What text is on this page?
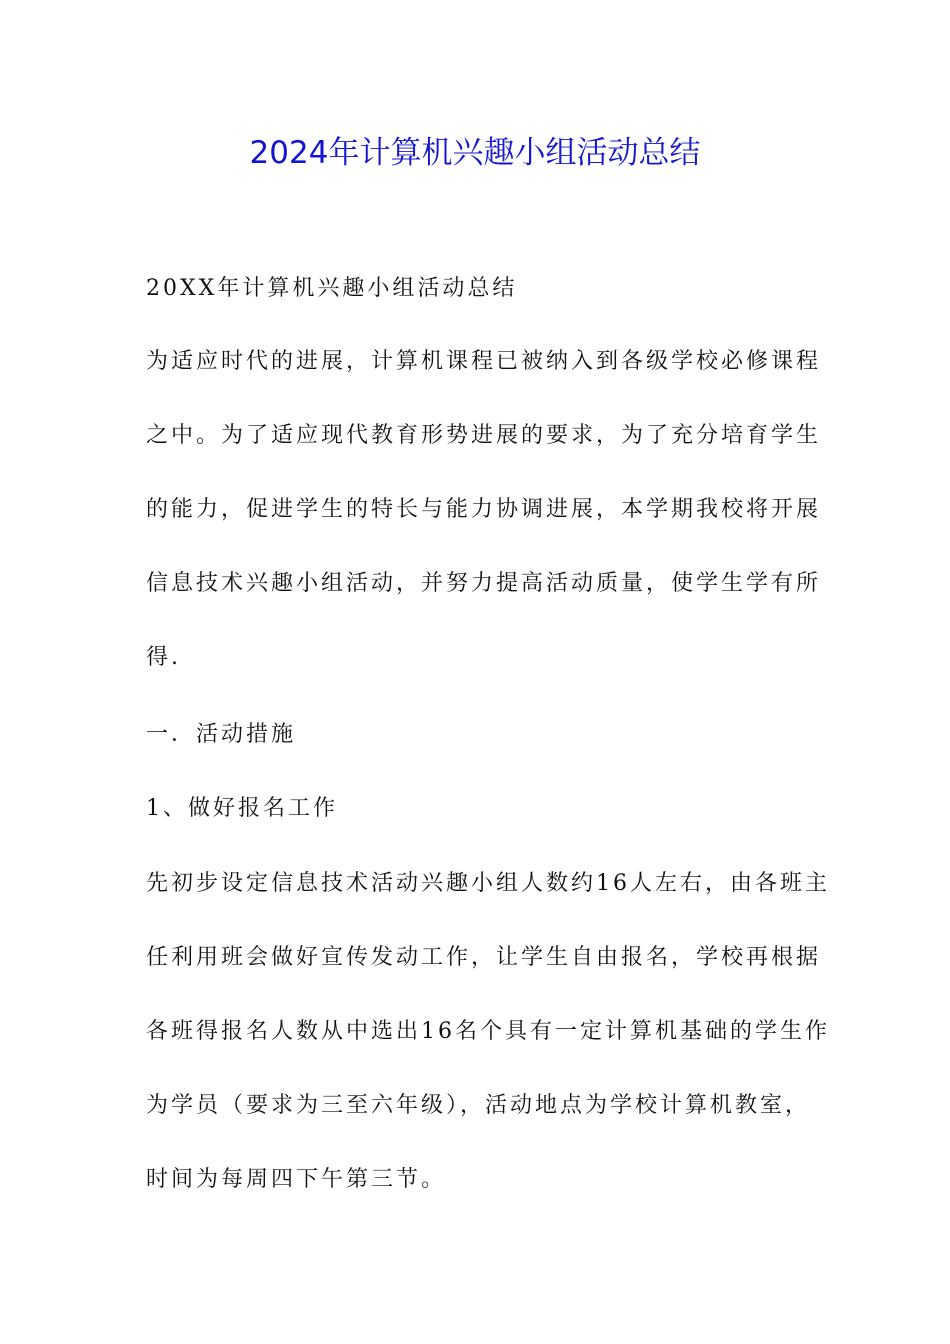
2024年计算机兴趣小组活动总结

20XX年计算机兴趣小组活动总结

为适应时代的进展，计算机课程已被纳入到各级学校必修课程
之中。为了适应现代教育形势进展的要求，为了充分培育学生
的能力，促进学生的特长与能力协调进展，本学期我校将开展
信息技术兴趣小组活动，并努力提高活动质量，使学生学有所
得.

一．活动措施

1、做好报名工作

先初步设定信息技术活动兴趣小组人数约16人左右，由各班主
任利用班会做好宣传发动工作，让学生自由报名，学校再根据
各班得报名人数从中选出16名个具有一定计算机基础的学生作
为学员（要求为三至六年级），活动地点为学校计算机教室，
时间为每周四下午第三节。
